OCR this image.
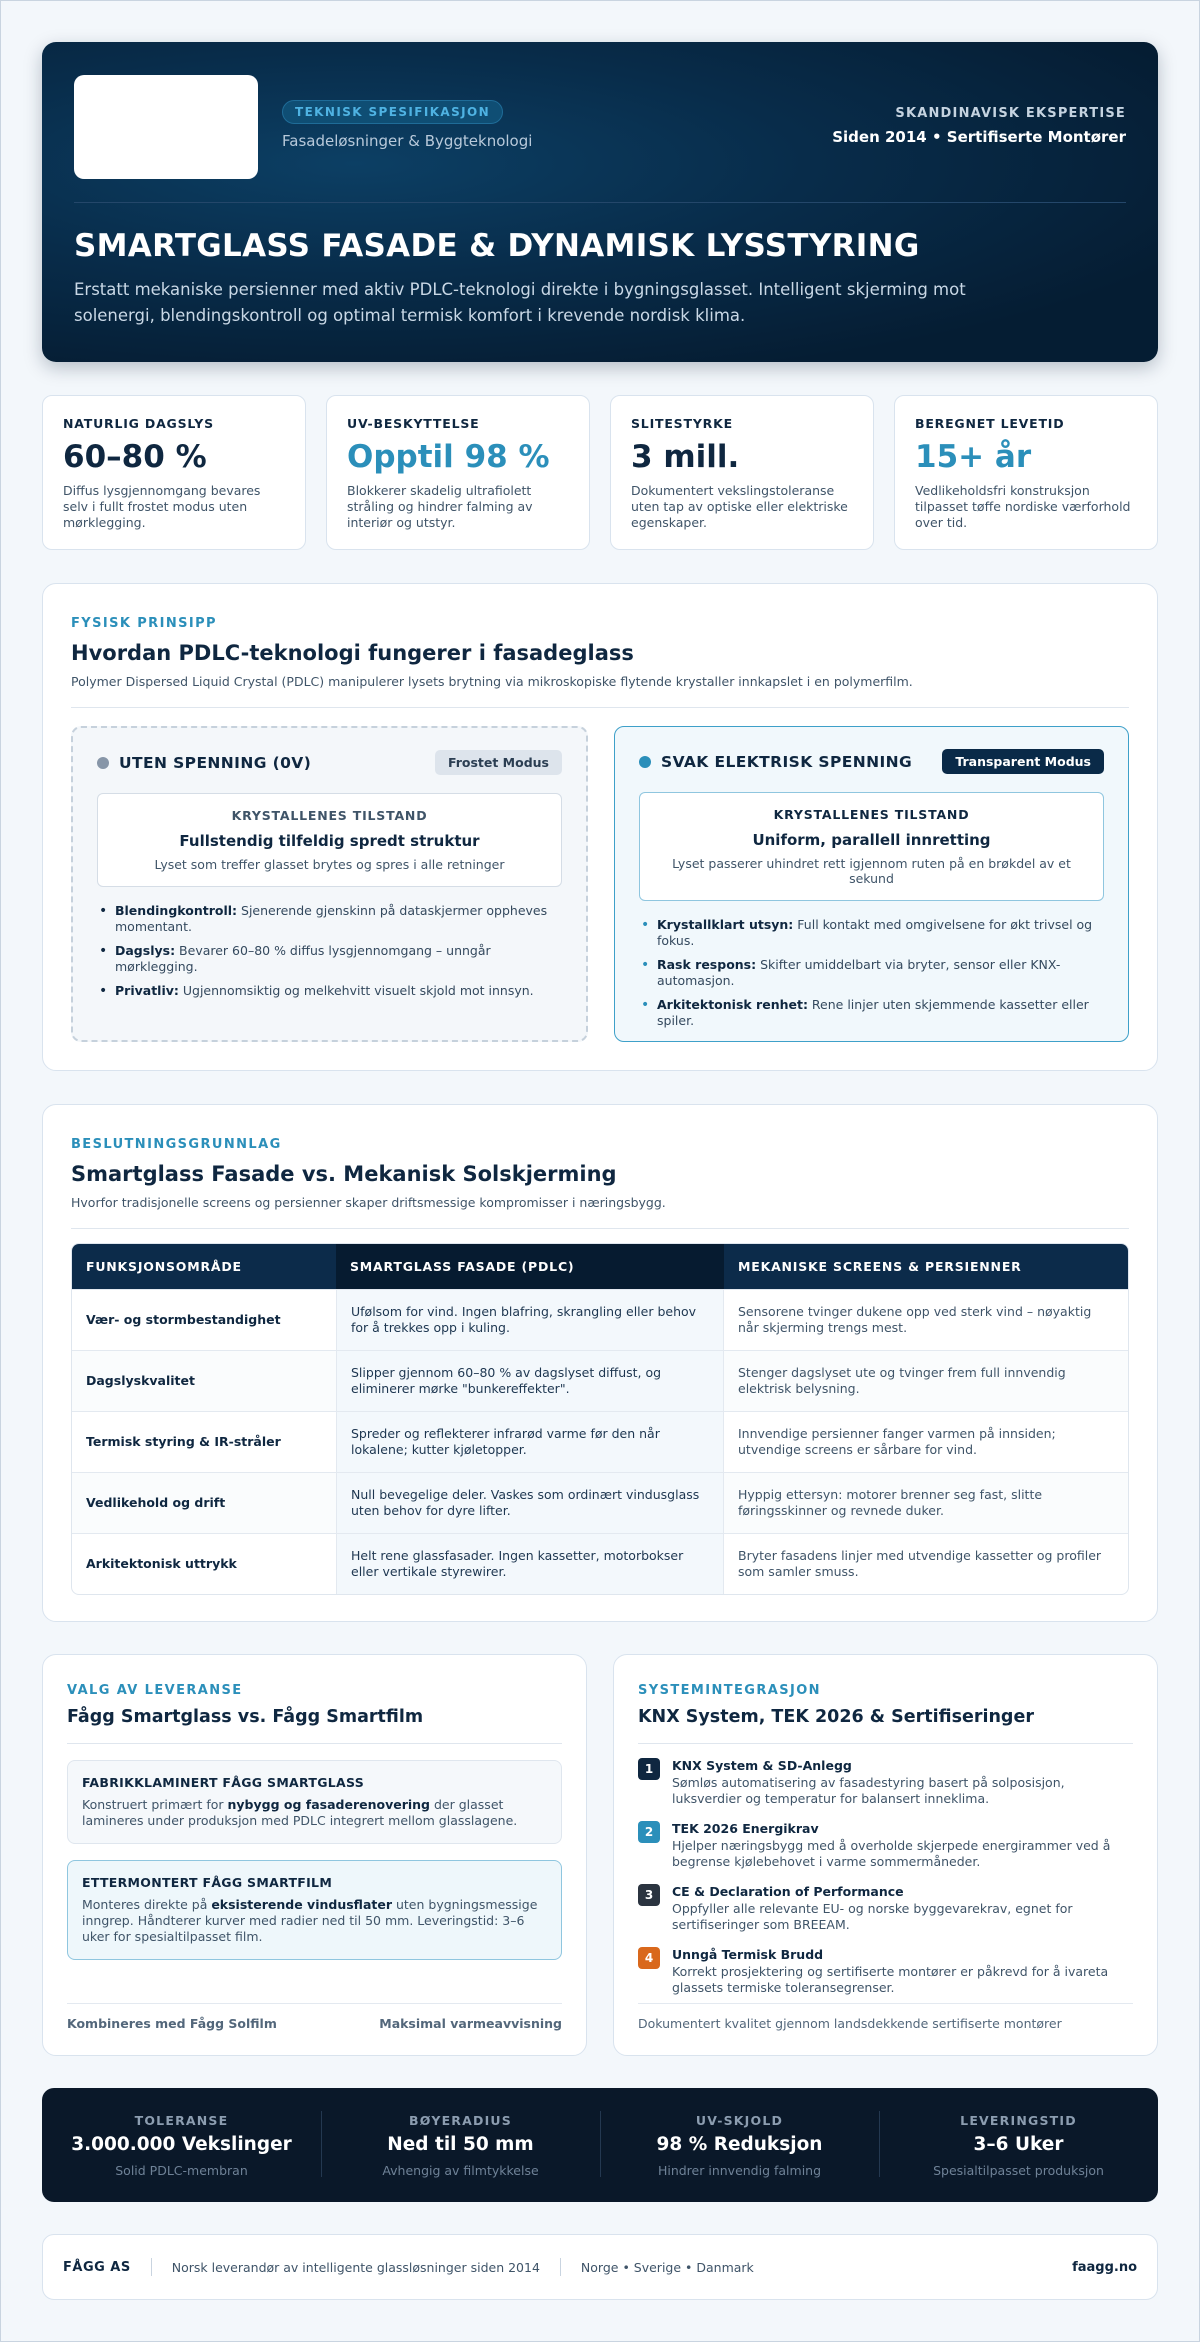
TEKNISK SPESIFIKASJON
Fasadeløsninger & Byggteknologi
SKANDINAVISK EKSPERTISE
Siden 2014 • Sertifiserte Montører
SMARTGLASS FASADE & DYNAMISK LYSSTYRING

Erstatt mekaniske persienner med aktiv PDLC-teknologi direkte i bygningsglasset. Intelligent skjerming mot solenergi, blendingskontroll og optimal termisk komfort i krevende nordisk klima.

NATURLIG DAGSLYS
60–80 %
Diffus lysgjennomgang bevares selv i fullt frostet modus uten mørklegging.
UV-BESKYTTELSE
Opptil 98 %
Blokkerer skadelig ultrafiolett stråling og hindrer falming av interiør og utstyr.
SLITESTYRKE
3 mill.
Dokumentert vekslingstoleranse uten tap av optiske eller elektriske egenskaper.
BEREGNET LEVETID
15+ år
Vedlikeholdsfri konstruksjon tilpasset tøffe nordiske værforhold over tid.
FYSISK PRINSIPP
Hvordan PDLC-teknologi fungerer i fasadeglass

Polymer Dispersed Liquid Crystal (PDLC) manipulerer lysets brytning via mikroskopiske flytende krystaller innkapslet i en polymerfilm.

UTEN SPENNING (0V)	Frostet Modus
KRYSTALLENES TILSTAND
Fullstendig tilfeldig spredt struktur
Lyset som treffer glasset brytes og spres i alle retninger
• Blendingkontroll: Sjenerende gjenskinn på dataskjermer oppheves momentant.
• Dagslys: Bevarer 60–80 % diffus lysgjennomgang – unngår mørklegging.
• Privatliv: Ugjennomsiktig og melkehvitt visuelt skjold mot innsyn.
SVAK ELEKTRISK SPENNING	Transparent Modus
KRYSTALLENES TILSTAND
Uniform, parallell innretting
Lyset passerer uhindret rett igjennom ruten på en brøkdel av et sekund
• Krystallklart utsyn: Full kontakt med omgivelsene for økt trivsel og fokus.
• Rask respons: Skifter umiddelbart via bryter, sensor eller KNX-automasjon.
• Arkitektonisk renhet: Rene linjer uten skjemmende kassetter eller spiler.
BESLUTNINGSGRUNNLAG
Smartglass Fasade vs. Mekanisk Solskjerming

Hvorfor tradisjonelle screens og persienner skaper driftsmessige kompromisser i næringsbygg.

FUNKSJONSOMRÅDE	SMARTGLASS FASADE (PDLC)	MEKANISKE SCREENS & PERSIENNER
Vær- og stormbestandighet	Ufølsom for vind. Ingen blafring, skrangling eller behov for å trekkes opp i kuling.	Sensorene tvinger dukene opp ved sterk vind – nøyaktig når skjerming trengs mest.
Dagslyskvalitet	Slipper gjennom 60–80 % av dagslyset diffust, og eliminerer mørke "bunkereffekter".	Stenger dagslyset ute og tvinger frem full innvendig elektrisk belysning.
Termisk styring & IR-stråler	Spreder og reflekterer infrarød varme før den når lokalene; kutter kjøletopper.	Innvendige persienner fanger varmen på innsiden; utvendige screens er sårbare for vind.
Vedlikehold og drift	Null bevegelige deler. Vaskes som ordinært vindusglass uten behov for dyre lifter.	Hyppig ettersyn: motorer brenner seg fast, slitte føringsskinner og revnede duker.
Arkitektonisk uttrykk	Helt rene glassfasader. Ingen kassetter, motorbokser eller vertikale styrewirer.	Bryter fasadens linjer med utvendige kassetter og profiler som samler smuss.
VALG AV LEVERANSE
Fågg Smartglass vs. Fågg Smartfilm
FABRIKKLAMINERT FÅGG SMARTGLASS
Konstruert primært for nybygg og fasaderenovering der glasset lamineres under produksjon med PDLC integrert mellom glasslagene.
ETTERMONTERT FÅGG SMARTFILM
Monteres direkte på eksisterende vindusflater uten bygningsmessige inngrep. Håndterer kurver med radier ned til 50 mm. Leveringstid: 3–6 uker for spesialtilpasset film.
Kombineres med Fågg Solfilm	Maksimal varmeavvisning
SYSTEMINTEGRASJON
KNX System, TEK 2026 & Sertifiseringer
1	KNX System & SD-Anlegg
Sømløs automatisering av fasadestyring basert på solposisjon, luksverdier og temperatur for balansert inneklima.
2	TEK 2026 Energikrav
Hjelper næringsbygg med å overholde skjerpede energirammer ved å begrense kjølebehovet i varme sommermåneder.
3	CE & Declaration of Performance
Oppfyller alle relevante EU- og norske byggevarekrav, egnet for sertifiseringer som BREEAM.
4	Unngå Termisk Brudd
Korrekt prosjektering og sertifiserte montører er påkrevd for å ivareta glassets termiske toleransegrenser.
Dokumentert kvalitet gjennom landsdekkende sertifiserte montører
TOLERANSE
3.000.000 Vekslinger
Solid PDLC-membran
BØYERADIUS
Ned til 50 mm
Avhengig av filmtykkelse
UV-SKJOLD
98 % Reduksjon
Hindrer innvendig falming
LEVERINGSTID
3–6 Uker
Spesialtilpasset produksjon
FÅGG AS	Norsk leverandør av intelligente glassløsninger siden 2014	Norge • Sverige • Danmark	faagg.no
